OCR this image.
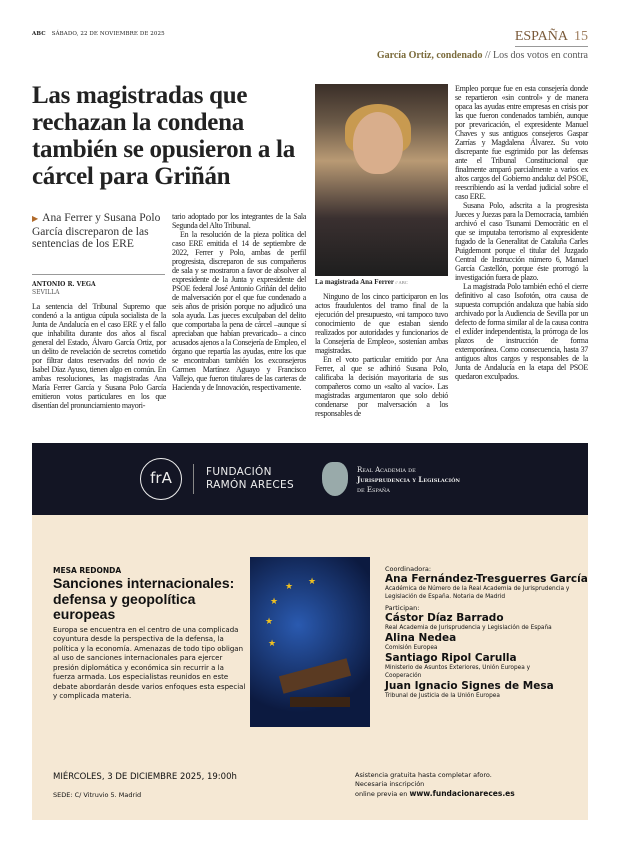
ABC SÁBADO, 22 DE NOVIEMBRE DE 2025	ESPAÑA 15
García Ortiz, condenado // Los dos votos en contra
Las magistradas que rechazan la condena también se opusieron a la cárcel para Griñán
▶ Ana Ferrer y Susana Polo García discreparon de las sentencias de los ERE
ANTONIO R. VEGA
SEVILLA

La sentencia del Tribunal Supremo que condenó a la antigua cúpula socialista de la Junta de Andalucía en el caso ERE y el fallo que inhabilita durante dos años al fiscal general del Estado, Álvaro García Ortiz, por un delito de revelación de secretos cometido por filtrar datos reservados del novio de Isabel Díaz Ayuso, tienen algo en común. En ambas resoluciones, las magistradas Ana María Ferrer García y Susana Polo García emitieron votos particulares en los que disentían del pronunciamiento mayori-

tario adoptado por los integrantes de la Sala Segunda del Alto Tribunal.

En la resolución de la pieza política del caso ERE emitida el 14 de septiembre de 2022, Ferrer y Polo, ambas de perfil progresista, discreparon de sus compañeros de sala y se mostraron a favor de absolver al expresidente de la Junta y expresidente del PSOE federal José Antonio Griñán del delito de malversación por el que fue condenado a seis años de prisión porque no adjudicó una sola ayuda. Las jueces exculpaban del delito que comportaba la pena de cárcel –aunque sí apreciaban que habían prevaricado– a cinco acusados ajenos a la Consejería de Empleo, el órgano que repartía las ayudas, entre los que se encontraban también los exconsejeros Carmen Martínez Aguayo y Francisco Vallejo, que fueron titulares de las carteras de Hacienda y de Innovación, respectivamente.

La magistrada Ana Ferrer // ABC

Ninguno de los cinco participaron en los actos fraudulentos del tramo final de la ejecución del presupuesto, «ni tampoco tuvo conocimiento de que estaban siendo realizados por autoridades y funcionarios de la Consejería de Empleo», sostenían ambas magistradas.

En el voto particular emitido por Ana Ferrer, al que se adhirió Susana Polo, calificaba la decisión mayoritaria de sus compañeros como un «salto al vacío». Las magistradas argumentaron que solo debió condenarse por malversación a los responsables de

Empleo porque fue en esta consejería donde se repartieron «sin control» y de manera opaca las ayudas entre empresas en crisis por las que fueron condenados también, aunque por prevaricación, el expresidente Manuel Chaves y sus antiguos consejeros Gaspar Zarrías y Magdalena Álvarez. Su voto discrepante fue esgrimido por las defensas ante el Tribunal Constitucional que finalmente amparó parcialmente a varios ex altos cargos del Gobierno andaluz del PSOE, reescribiendo así la verdad judicial sobre el caso ERE.

Susana Polo, adscrita a la progresista Jueces y Juezas para la Democracia, también archivó el caso Tsunami Democràtic en el que se imputaba terrorismo al expresidente fugado de la Generalitat de Cataluña Carles Puigdemont porque el titular del Juzgado Central de Instrucción número 6, Manuel García Castellón, porque éste prorrogó la investigación fuera de plazo.

La magistrada Polo también echó el cierre definitivo al caso Isofotón, otra causa de supuesta corrupción andaluza que había sido archivado por la Audiencia de Sevilla por un defecto de forma similar al de la causa contra el exlíder independentista, la prórroga de los plazos de instrucción de forma extemporánea. Como consecuencia, hasta 37 antiguos altos cargos y responsables de la Junta de Andalucía en la etapa del PSOE quedaron exculpados.

frA	FUNDACIÓN
RAMÓN ARECES
Real Academia de
Jurisprudencia y Legislación
de España
MESA REDONDA
Sanciones internacionales: defensa y geopolítica europeas
Europa se encuentra en el centro de una complicada coyuntura desde la perspectiva de la defensa, la política y la economía. Amenazas de todo tipo obligan al uso de sanciones internacionales para ejercer presión diplomática y económica sin recurrir a la fuerza armada. Los especialistas reunidos en este debate abordarán desde varios enfoques esta especial y complicada materia.
★
★
★
★ ★
Coordinadora:
Ana Fernández-Tresguerres García
Académica de Número de la Real Academia de Jurisprudencia y Legislación de España. Notaria de Madrid
Participan:
Cástor Díaz Barrado
Real Academia de Jurisprudencia y Legislación de España
Alina Nedea
Comisión Europea
Santiago Ripol Carulla
Ministerio de Asuntos Exteriores, Unión Europea y Cooperación
Juan Ignacio Signes de Mesa
Tribunal de Justicia de la Unión Europea
MIÉRCOLES, 3 DE DICIEMBRE 2025, 19:00h
SEDE: C/ Vitruvio 5. Madrid
Asistencia gratuita hasta completar aforo.
Necesaria inscripción
online previa en www.fundacionareces.es
